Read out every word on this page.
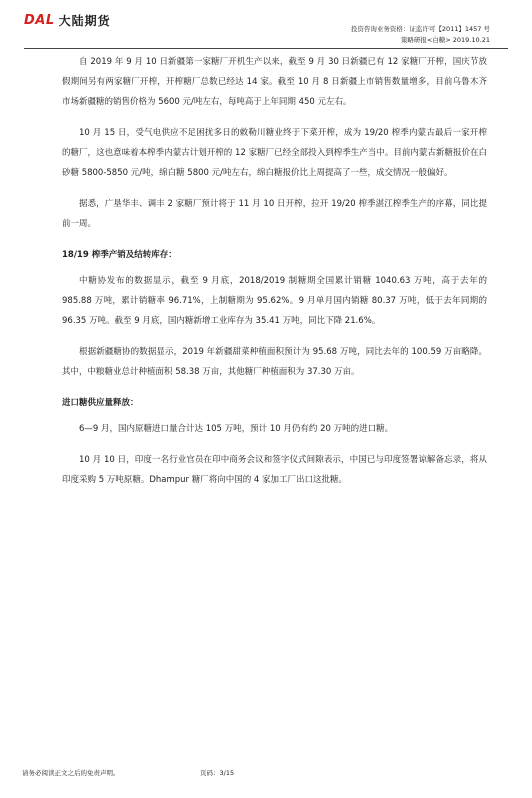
DAL 大陆期货
投资咨询业务资格：证监许可【2011】1457 号
策略研报<白糖> 2019.10.21

自 2019 年 9 月 10 日新疆第一家糖厂开机生产以来，截至 9 月 30 日新疆已有 12 家糖厂开榨，国庆节放假期间另有两家糖厂开榨，开榨糖厂总数已经达 14 家。截至 10 月 8 日新疆上市销售数量增多，目前乌鲁木齐市场新疆糖的销售价格为 5600 元/吨左右，每吨高于上年同期 450 元左右。

10 月 15 日，受气电供应不足困扰多日的敕勒川糖业终于下菜开榨，成为 19/20 榨季内蒙古最后一家开榨的糖厂，这也意味着本榨季内蒙古计划开榨的 12 家糖厂已经全部投入到榨季生产当中。目前内蒙古新糖报价在白砂糖 5800-5850 元/吨，绵白糖 5800 元/吨左右，绵白糖报价比上周提高了一些，成交情况一般偏好。

据悉，广垦华丰、调丰 2 家糖厂预计将于 11 月 10 日开榨，拉开 19/20 榨季湛江榨季生产的序幕，同比提前一周。

18/19 榨季产销及结转库存：

中糖协发布的数据显示，截至 9 月底，2018/2019 制糖期全国累计销糖 1040.63 万吨，高于去年的 985.88 万吨，累计销糖率 96.71%，上制糖期为 95.62%。9 月单月国内销糖 80.37 万吨，低于去年同期的 96.35 万吨。截至 9 月底，国内糖新增工业库存为 35.41 万吨，同比下降 21.6%。

根据新疆糖协的数据显示，2019 年新疆甜菜种植面积预计为 95.68 万吨，同比去年的 100.59 万亩略降。其中，中粮糖业总计种植面积 58.38 万亩，其他糖厂种植面积为 37.30 万亩。

进口糖供应量释放：

6—9 月，国内原糖进口量合计达 105 万吨，预计 10 月仍有约 20 万吨的进口糖。

10 月 10 日，印度一名行业官员在印中商务会议和签字仪式间隙表示，中国已与印度签署谅解备忘录，将从印度采购 5 万吨原糖。Dhampur 糖厂将向中国的 4 家加工厂出口这批糖。

请务必阅读正文之后的免责声明。	页码：3/15
